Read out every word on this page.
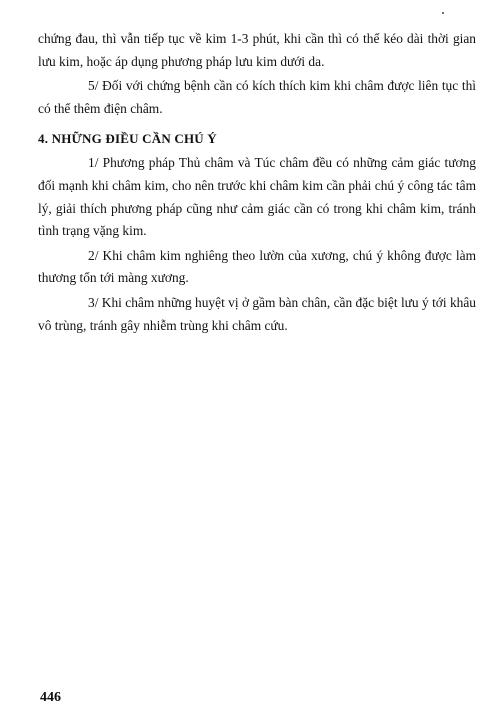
chứng đau, thì vẫn tiếp tục về kim 1-3 phút, khi cần thì có thể kéo dài thời gian lưu kim, hoặc áp dụng phương pháp lưu kim dưới da.

5/ Đối với chứng bệnh cần có kích thích kim khi châm được liên tục thì có thể thêm điện châm.

4. NHỮNG ĐIỀU CẦN CHÚ Ý

1/ Phương pháp Thủ châm và Túc châm đều có những cảm giác tương đối mạnh khi châm kim, cho nên trước khi châm kim cần phải chú ý công tác tâm lý, giải thích phương pháp cũng như cảm giác cần có trong khi châm kim, tránh tình trạng vặng kim.

2/ Khi châm kim nghiêng theo lườn của xương, chú ý không được làm thương tổn tới màng xương.

3/ Khi châm những huyệt vị ở gầm bàn chân, cần đặc biệt lưu ý tới khâu vô trùng, tránh gây nhiễm trùng khi châm cứu.

446
